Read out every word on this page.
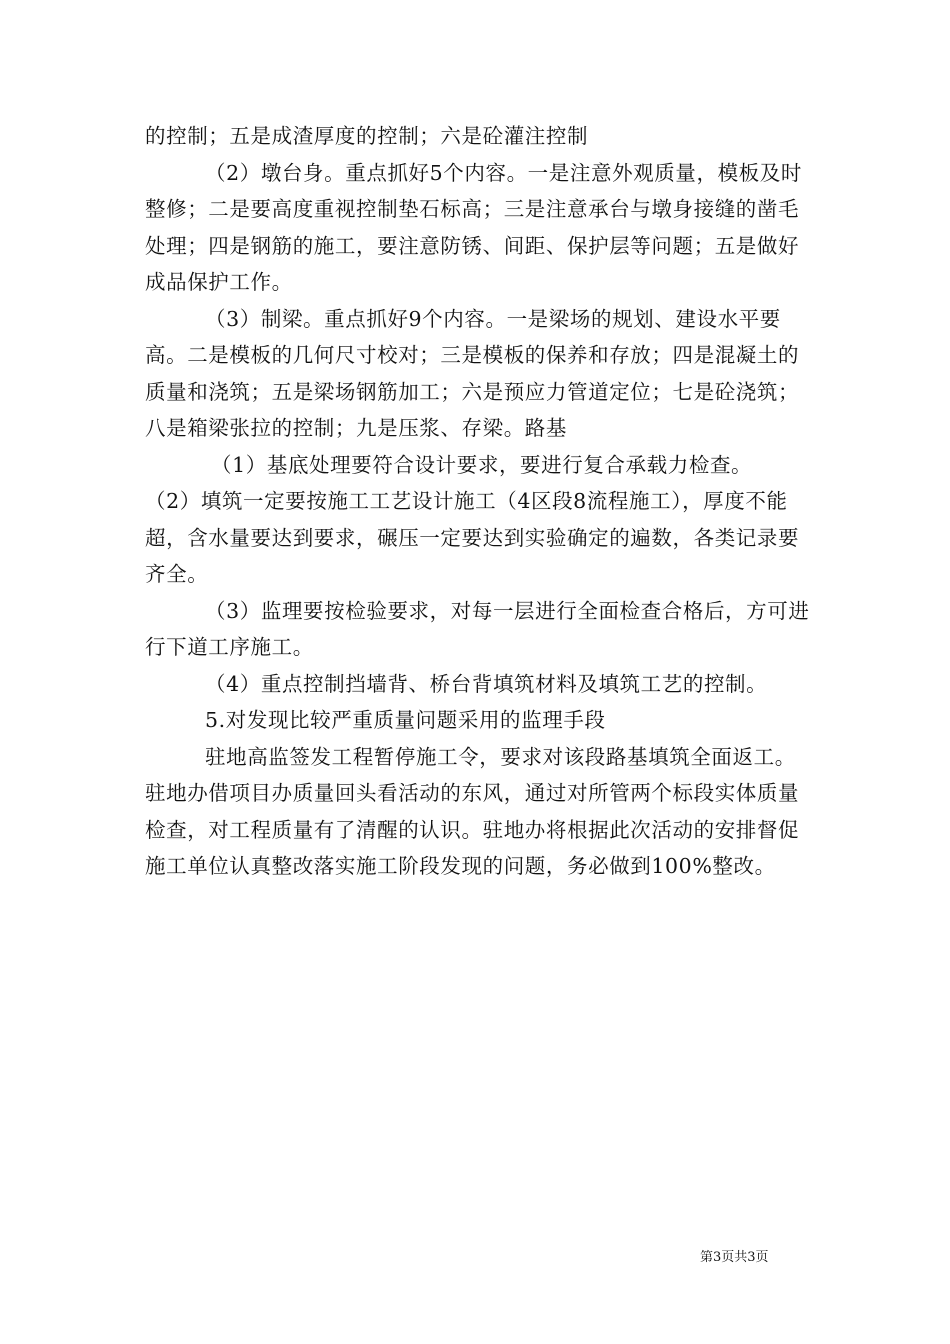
的控制；五是成渣厚度的控制；六是砼灌注控制

（2）墩台身。重点抓好5个内容。一是注意外观质量，模板及时整修；二是要高度重视控制垫石标高；三是注意承台与墩身接缝的凿毛处理；四是钢筋的施工，要注意防锈、间距、保护层等问题；五是做好成品保护工作。

（3）制梁。重点抓好9个内容。一是梁场的规划、建设水平要高。二是模板的几何尺寸校对；三是模板的保养和存放；四是混凝土的质量和浇筑；五是梁场钢筋加工；六是预应力管道定位；七是砼浇筑；八是箱梁张拉的控制；九是压浆、存梁。路基

（1）基底处理要符合设计要求，要进行复合承载力检查。

（2）填筑一定要按施工工艺设计施工（4区段8流程施工），厚度不能超，含水量要达到要求，碾压一定要达到实验确定的遍数，各类记录要齐全。

（3）监理要按检验要求，对每一层进行全面检查合格后，方可进行下道工序施工。

（4）重点控制挡墙背、桥台背填筑材料及填筑工艺的控制。

5.对发现比较严重质量问题采用的监理手段

驻地高监签发工程暂停施工令，要求对该段路基填筑全面返工。驻地办借项目办质量回头看活动的东风，通过对所管两个标段实体质量检查，对工程质量有了清醒的认识。驻地办将根据此次活动的安排督促施工单位认真整改落实施工阶段发现的问题，务必做到100%整改。

第3页共3页
